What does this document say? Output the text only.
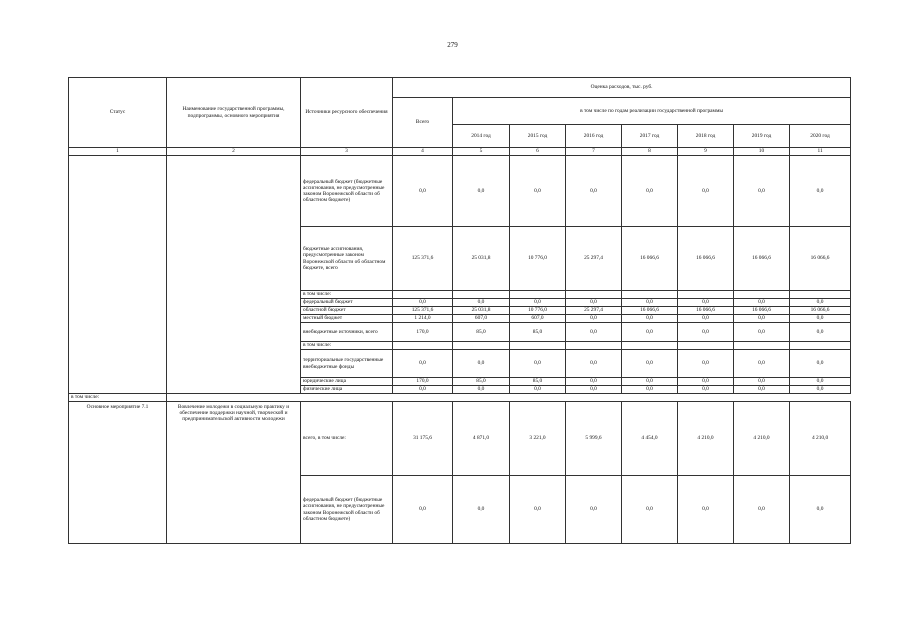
279
Статус	Наименование государственной программы, подпрограммы, основного мероприятия	Источники ресурсного обеспечения	Оценка расходов, тыс. руб.							
			Всего	в том числе по годам реализации государственной программы						
				2014 год	2015 год	2016 год	2017 год	2018 год	2019 год	2020 год
1	2	3	4	5	6	7	8	9	10	11
		федеральный бюджет (бюджетные ассигнования, не предусмотренные законом Воронежской области об областном бюджете)	0,0	0,0	0,0	0,0	0,0	0,0	0,0	0,0
		бюджетные ассигнования, предусмотренные законом Воронежской области об областном бюджете, всего	125 371,6	25 031,8	10 776,0	25 297,4	16 066,6	16 066,6	16 066,6	16 066,6
		в том числе:								
		федеральный бюджет	0,0	0,0	0,0	0,0	0,0	0,0	0,0	0,0
		областной бюджет	125 371,6	25 031,8	10 776,0	25 297,4	16 066,6	16 066,6	16 066,6	16 066,6
		местный бюджет	1 214,0	607,0	607,0	0,0	0,0	0,0	0,0	0,0
		внебюджетные источники, всего	170,0	85,0	85,0	0,0	0,0	0,0	0,0	0,0
		в том числе:								
		территориальные государственные внебюджетные фонды	0,0	0,0	0,0	0,0	0,0	0,0	0,0	0,0
		юридические лица	170,0	85,0	85,0	0,0	0,0	0,0	0,0	0,0
		физические лица	0,0	0,0	0,0	0,0	0,0	0,0	0,0	0,0
в том числе:										
Основное мероприятие 7.1	Вовлечение молодежи в социальную практику и обеспечение поддержки научной, творческой и предпринимательской активности молодежи	всего, в том числе:	31 175,6	4 871,0	3 221,0	5 999,6	4 454,0	4 210,0	4 210,0	4 210,0
		федеральный бюджет (бюджетные ассигнования, не предусмотренные законом Воронежской области об областном бюджете)	0,0	0,0	0,0	0,0	0,0	0,0	0,0	0,0
